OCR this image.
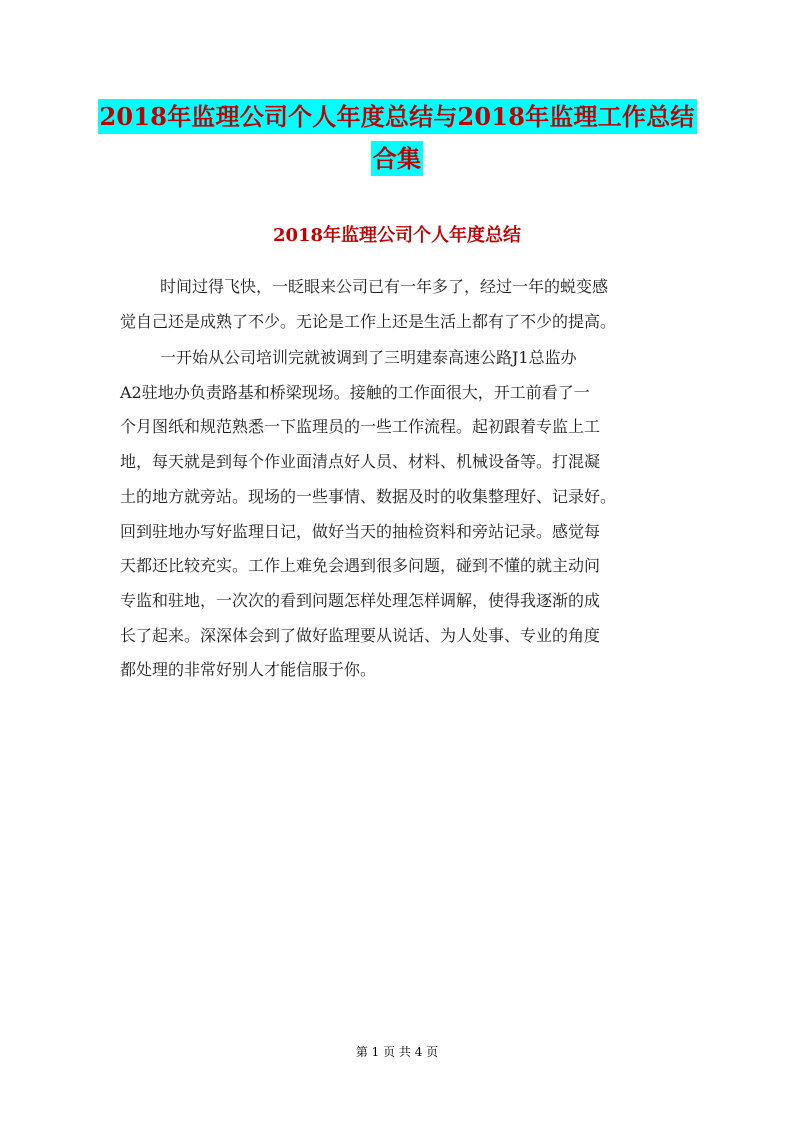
2018年监理公司个人年度总结与2018年监理工作总结
合集
2018年监理公司个人年度总结
时间过得飞快，一眨眼来公司已有一年多了，经过一年的蜕变感
觉自己还是成熟了不少。无论是工作上还是生活上都有了不少的提高。
一开始从公司培训完就被调到了三明建泰高速公路J1总监办
A2驻地办负责路基和桥梁现场。接触的工作面很大，开工前看了一
个月图纸和规范熟悉一下监理员的一些工作流程。起初跟着专监上工
地，每天就是到每个作业面清点好人员、材料、机械设备等。打混凝
土的地方就旁站。现场的一些事情、数据及时的收集整理好、记录好。
回到驻地办写好监理日记，做好当天的抽检资料和旁站记录。感觉每
天都还比较充实。工作上难免会遇到很多问题，碰到不懂的就主动问
专监和驻地，一次次的看到问题怎样处理怎样调解，使得我逐渐的成
长了起来。深深体会到了做好监理要从说话、为人处事、专业的角度
都处理的非常好别人才能信服于你。
第 1 页 共 4 页
